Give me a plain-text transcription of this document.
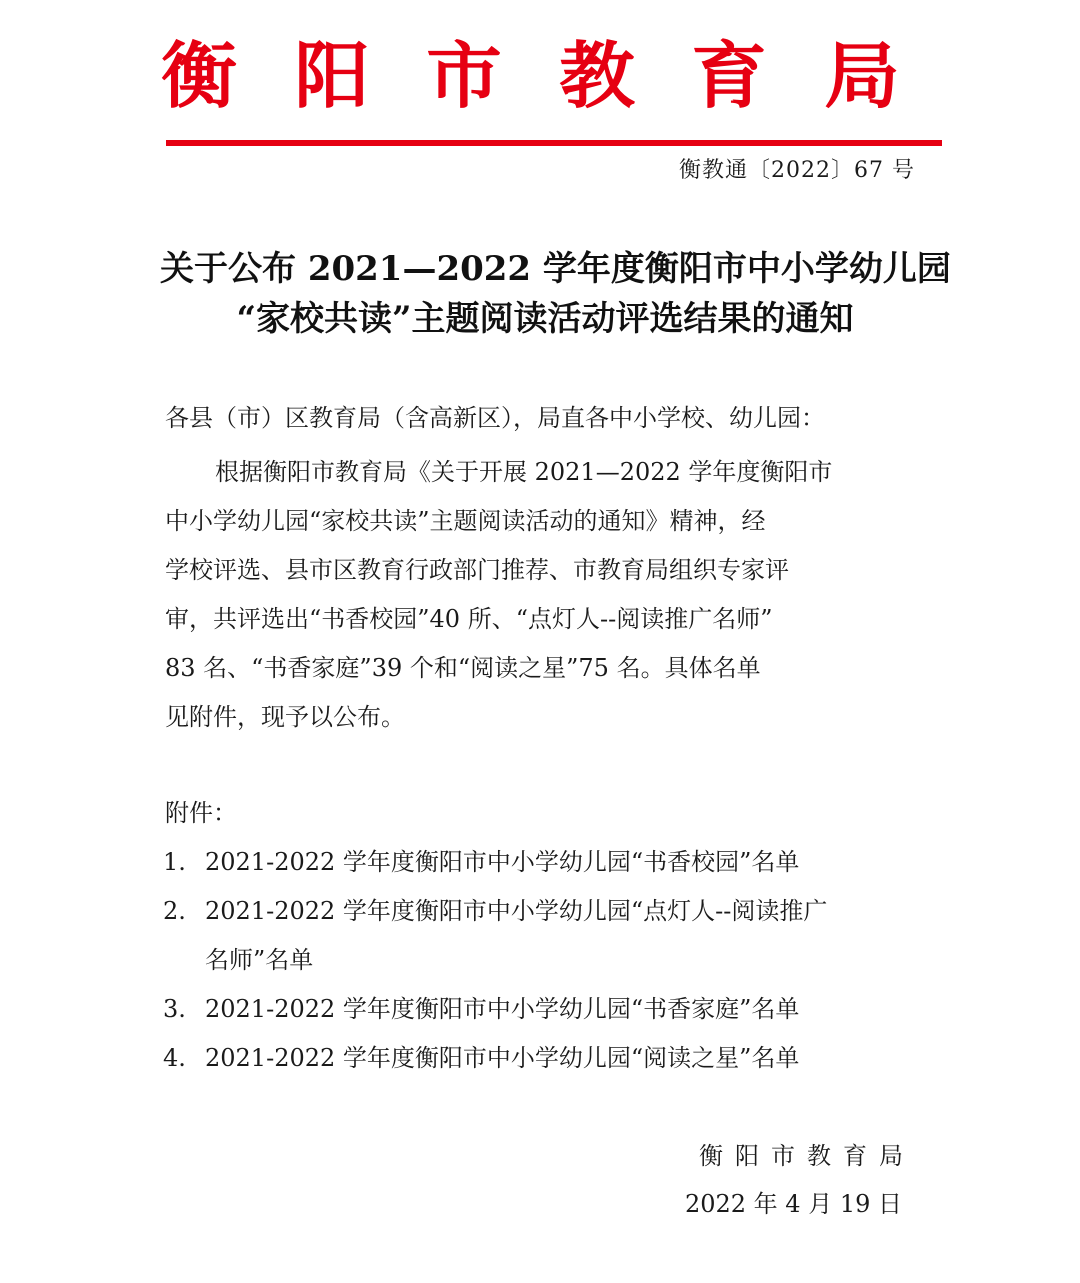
衡 阳 市 教 育 局
衡教通〔2022〕67 号
关于公布 2021—2022 学年度衡阳市中小学幼儿园
“家校共读”主题阅读活动评选结果的通知
各县（市）区教育局（含高新区），局直各中小学校、幼儿园：
根据衡阳市教育局《关于开展 2021—2022 学年度衡阳市
中小学幼儿园“家校共读”主题阅读活动的通知》精神，经
学校评选、县市区教育行政部门推荐、市教育局组织专家评
审，共评选出“书香校园”40 所、“点灯人--阅读推广名师”
83 名、“书香家庭”39 个和“阅读之星”75 名。具体名单
见附件，现予以公布。
附件：
1. 2021-2022 学年度衡阳市中小学幼儿园“书香校园”名单
2. 2021-2022 学年度衡阳市中小学幼儿园“点灯人--阅读推广
名师”名单
3. 2021-2022 学年度衡阳市中小学幼儿园“书香家庭”名单
4. 2021-2022 学年度衡阳市中小学幼儿园“阅读之星”名单
衡阳市教育局
2022 年 4 月 19 日
